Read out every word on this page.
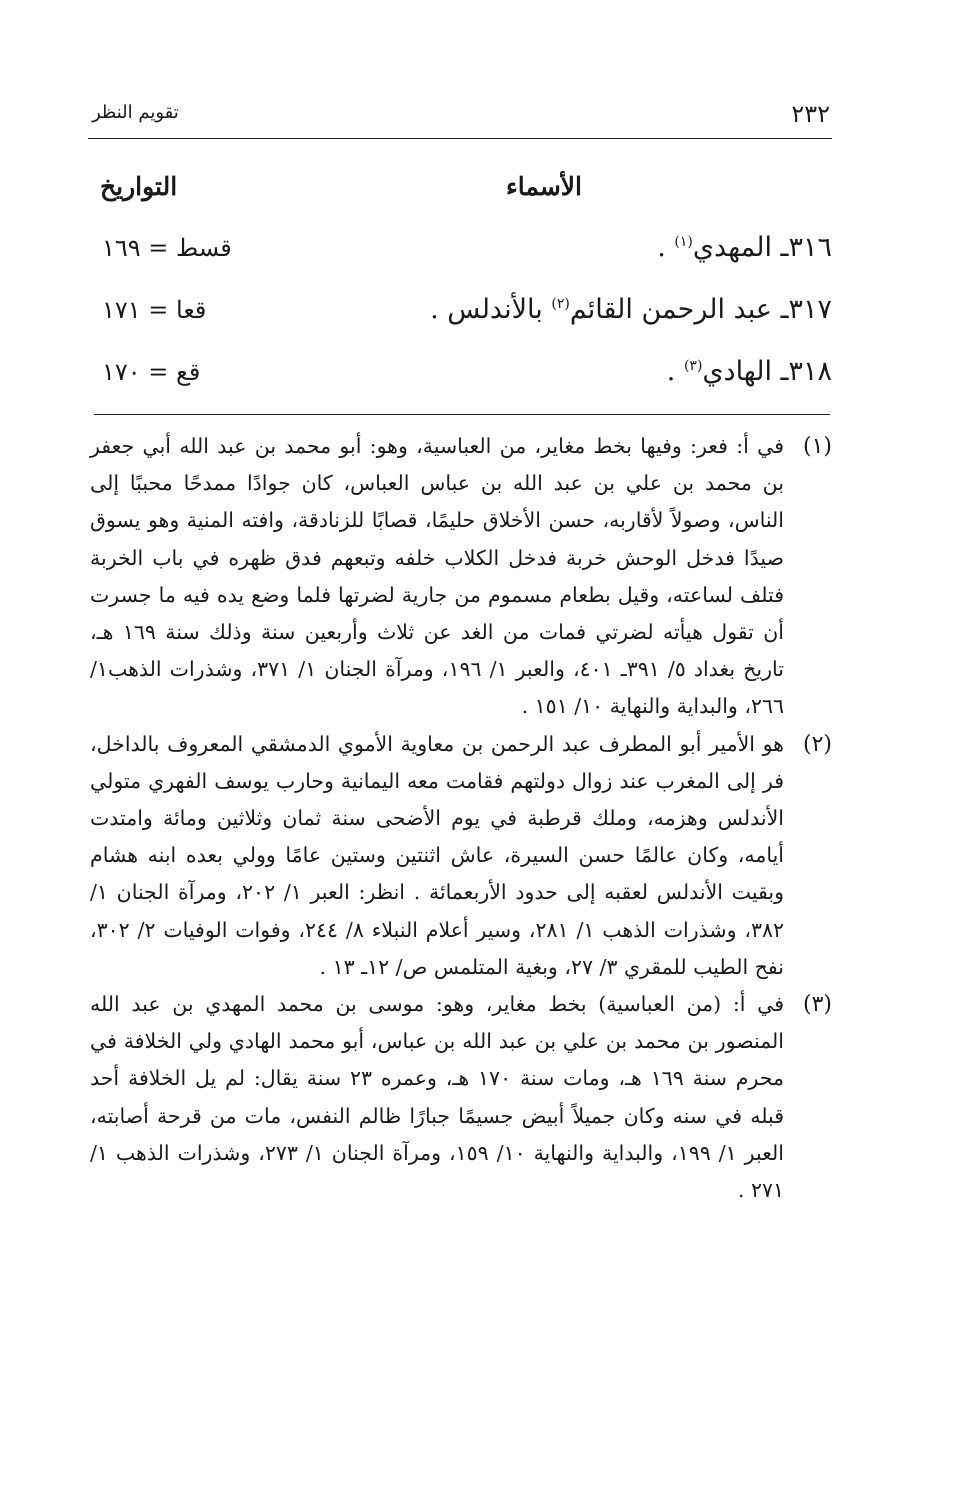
٢٣٢
تقويم النظر
الأسماء
التواريخ
٣١٦ـ المهدي$^{(١)}$ .
قسط = ١٦٩
٣١٧ـ عبد الرحمن القائم$^{(٢)}$ بالأندلس .
قعا = ١٧١
٣١٨ـ الهادي$^{(٣)}$ .
قع = ١٧٠
(١)
في أ: فعر: وفيها بخط مغاير، من العباسية، وهو: أبو محمد بن عبد الله أبي جعفر بن محمد بن علي بن عبد الله بن عباس العباس، كان جوادًا ممدحًا محببًا إلى الناس، وصولاً لأقاربه، حسن الأخلاق حليمًا، قصابًا للزنادقة، وافته المنية وهو يسوق صيدًا فدخل الوحش خربة فدخل الكلاب خلفه وتبعهم فدق ظهره في باب الخربة فتلف لساعته، وقيل بطعام مسموم من جارية لضرتها فلما وضع يده فيه ما جسرت أن تقول هيأته لضرتي فمات من الغد عن ثلاث وأربعين سنة وذلك سنة ١٦٩ هـ، تاريخ بغداد ٥/ ٣٩١ـ ٤٠١، والعبر ١/ ١٩٦، ومرآة الجنان ١/ ٣٧١، وشذرات الذهب١/ ٢٦٦، والبداية والنهاية ١٠/ ١٥١ .
(٢)
هو الأمير أبو المطرف عبد الرحمن بن معاوية الأموي الدمشقي المعروف بالداخل، فر إلى المغرب عند زوال دولتهم فقامت معه اليمانية وحارب يوسف الفهري متولي الأندلس وهزمه، وملك قرطبة في يوم الأضحى سنة ثمان وثلاثين ومائة وامتدت أيامه، وكان عالمًا حسن السيرة، عاش اثنتين وستين عامًا وولي بعده ابنه هشام وبقيت الأندلس لعقبه إلى حدود الأربعمائة . انظر: العبر ١/ ٢٠٢، ومرآة الجنان ١/ ٣٨٢، وشذرات الذهب ١/ ٢٨١، وسير أعلام النبلاء ٨/ ٢٤٤، وفوات الوفيات ٢/ ٣٠٢، نفح الطيب للمقري ٣/ ٢٧، وبغية المتلمس ص/ ١٢ـ ١٣ .
(٣)
في أ: (من العباسية) بخط مغاير، وهو: موسى بن محمد المهدي بن عبد الله المنصور بن محمد بن علي بن عبد الله بن عباس، أبو محمد الهادي ولي الخلافة في محرم سنة ١٦٩ هـ، ومات سنة ١٧٠ هـ، وعمره ٢٣ سنة يقال: لم يل الخلافة أحد قبله في سنه وكان جميلاً أبيض جسيمًا جبارًا ظالم النفس، مات من قرحة أصابته، العبر ١/ ١٩٩، والبداية والنهاية ١٠/ ١٥٩، ومرآة الجنان ١/ ٢٧٣، وشذرات الذهب ١/ ٢٧١ .
